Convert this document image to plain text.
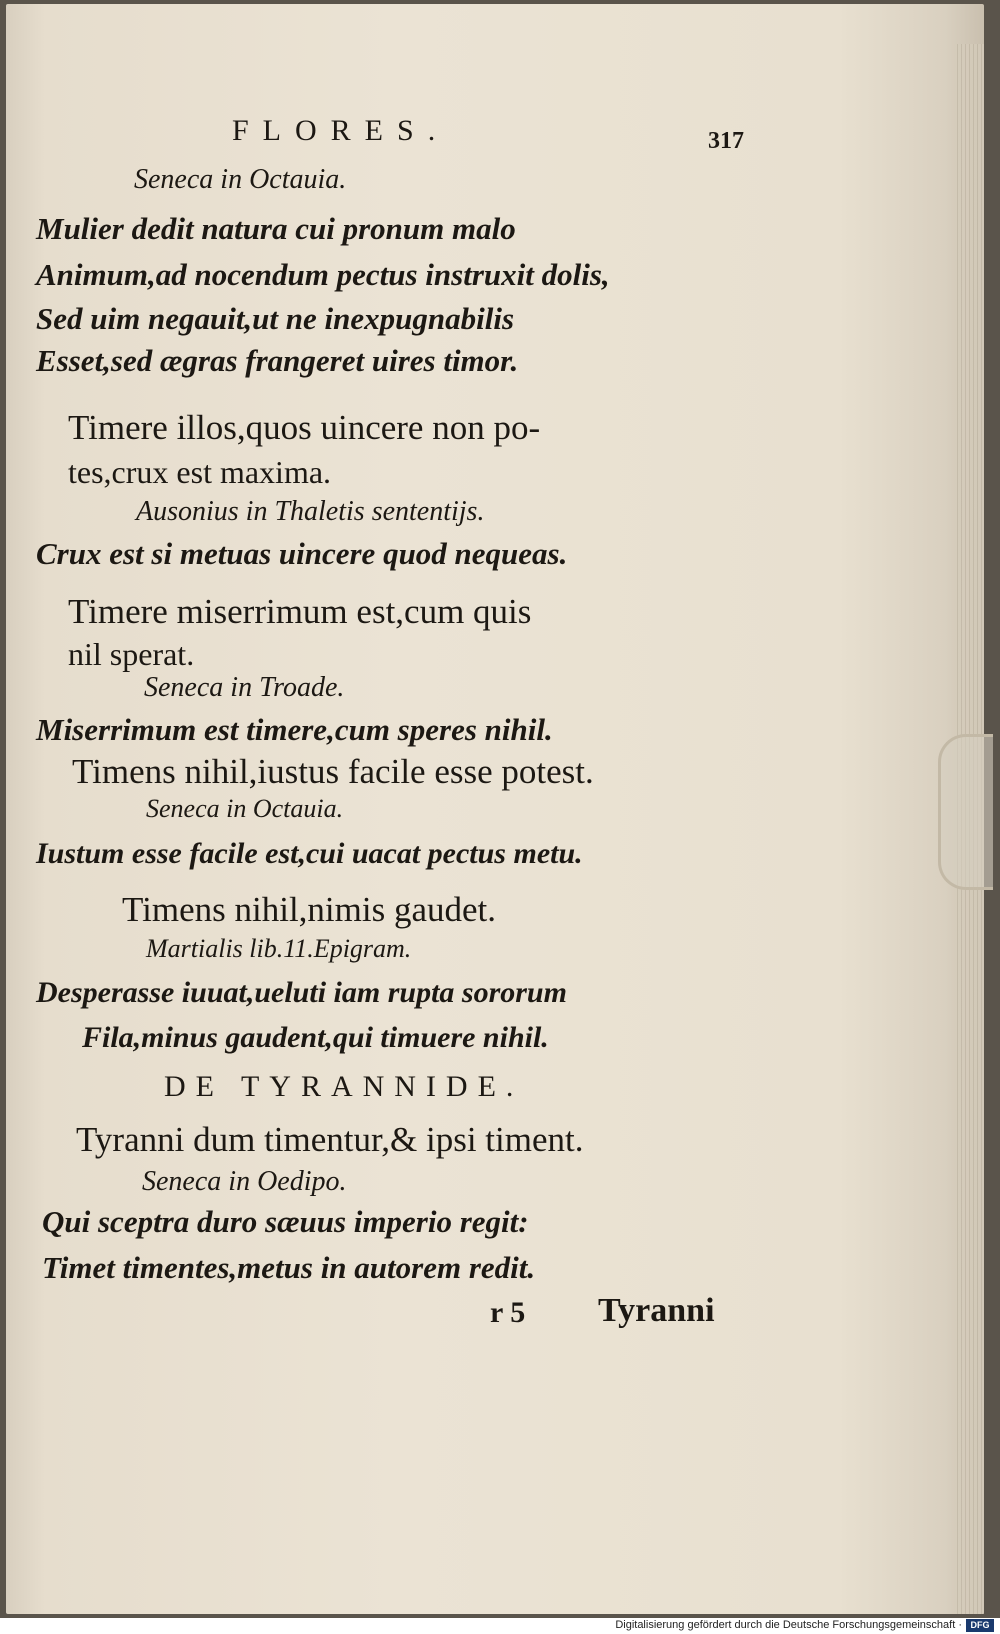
FLORES.	317
Seneca in Octauia.
Mulier dedit natura cui pronum malo
Animum,ad nocendum pectus instruxit dolis,
Sed uim negauit,ut ne inexpugnabilis
Esset,sed ægras frangeret uires timor.
Timere illos,quos uincere non po-
tes,crux est maxima.
Ausonius in Thaletis sententijs.
Crux est si metuas uincere quod nequeas.
Timere miserrimum est,cum quis
nil sperat.
Seneca in Troade.
Miserrimum est timere,cum speres nihil.
Timens nihil,iustus facile esse potest.
Seneca in Octauia.
Iustum esse facile est,cui uacat pectus metu.
Timens nihil,nimis gaudet.
Martialis lib.11.Epigram.
Desperasse iuuat,ueluti iam rupta sororum
Fila,minus gaudent,qui timuere nihil.
DE TYRANNIDE.
Tyranni dum timentur,& ipsi timent.
Seneca in Oedipo.
Qui sceptra duro sæuus imperio regit:
Timet timentes,metus in autorem redit.
r 5 Tyranni
Digitalisierung gefördert durch die Deutsche Forschungsgemeinschaft · DFG
